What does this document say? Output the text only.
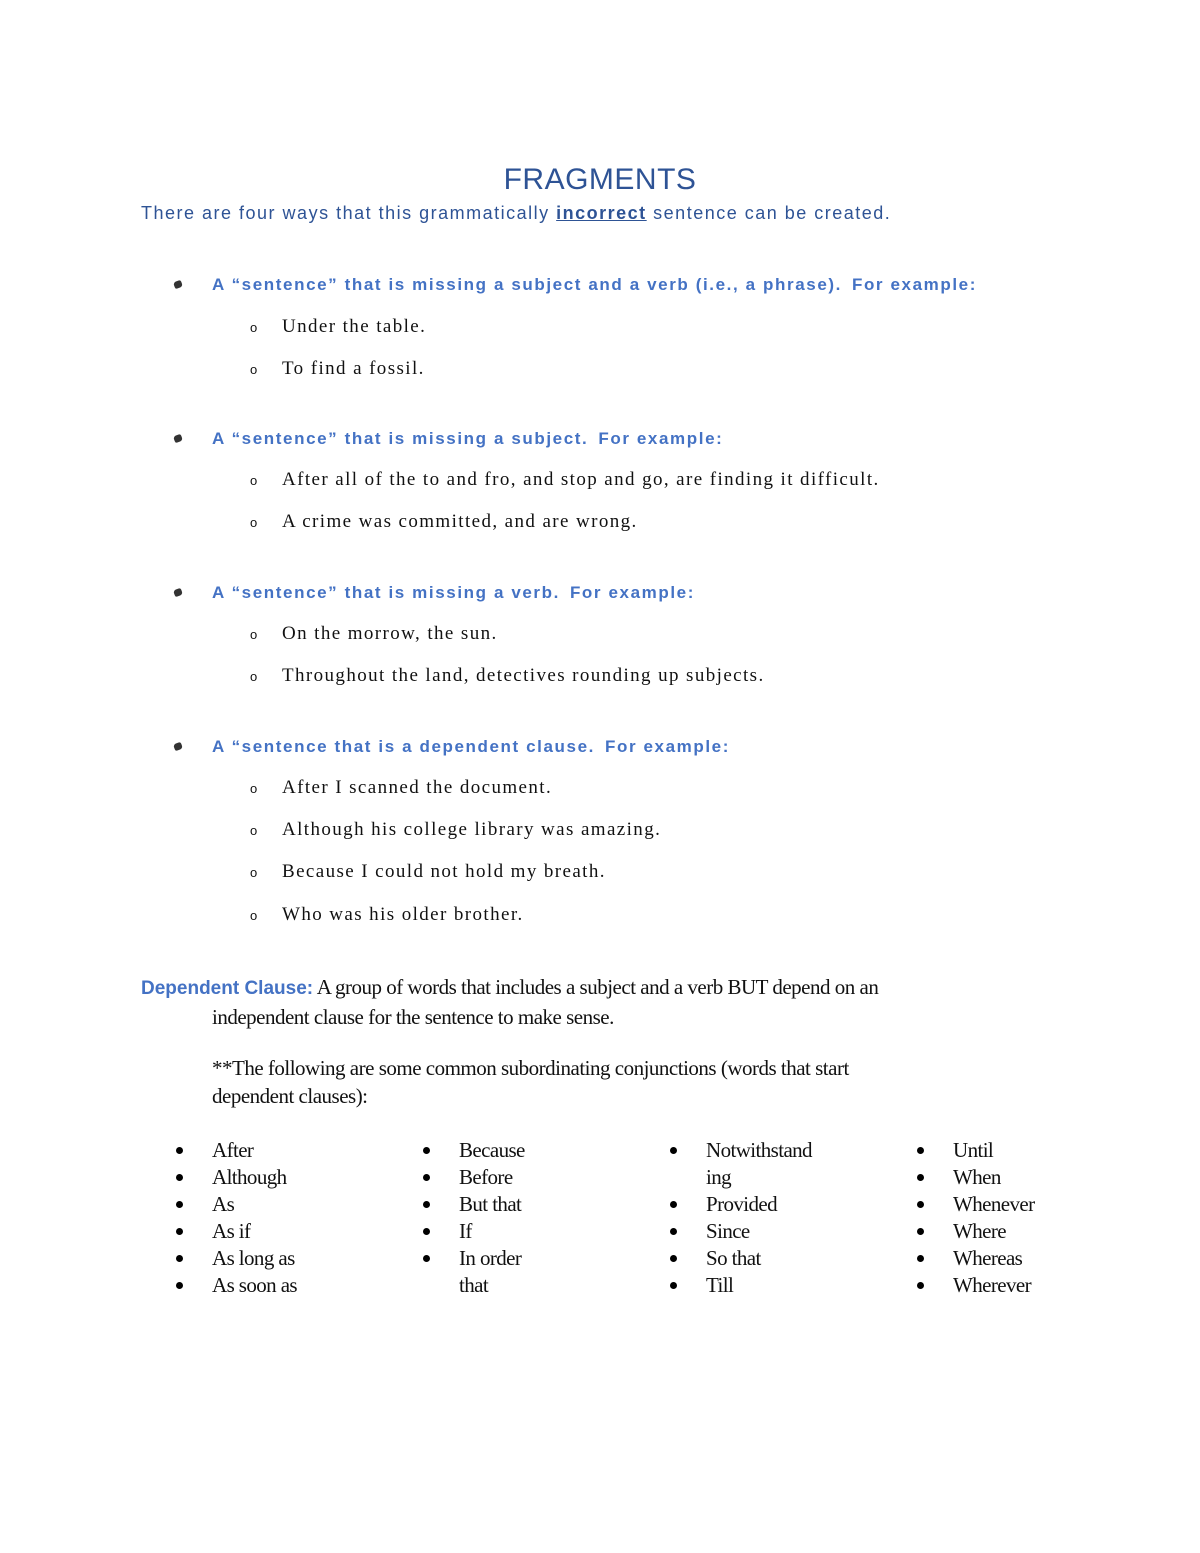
FRAGMENTS
There are four ways that this grammatically incorrect sentence can be created.
A “sentence” that is missing a subject and a verb (i.e., a phrase). For example:
o Under the table.
o To find a fossil.
A “sentence” that is missing a subject. For example:
o After all of the to and fro, and stop and go, are finding it difficult.
o A crime was committed, and are wrong.
A “sentence” that is missing a verb. For example:
o On the morrow, the sun.
o Throughout the land, detectives rounding up subjects.
A “sentence that is a dependent clause. For example:
o After I scanned the document.
o Although his college library was amazing.
o Because I could not hold my breath.
o Who was his older brother.
Dependent Clause: A group of words that includes a subject and a verb BUT depend on an
independent clause for the sentence to make sense.
**The following are some common subordinating conjunctions (words that start
dependent clauses):
After
Although
As
As if
As long as
As soon as
Because
Before
But that
If
In order that
Notwithstanding
Provided
Since
So that
Till
Until
When
Whenever
Where
Whereas
Wherever
